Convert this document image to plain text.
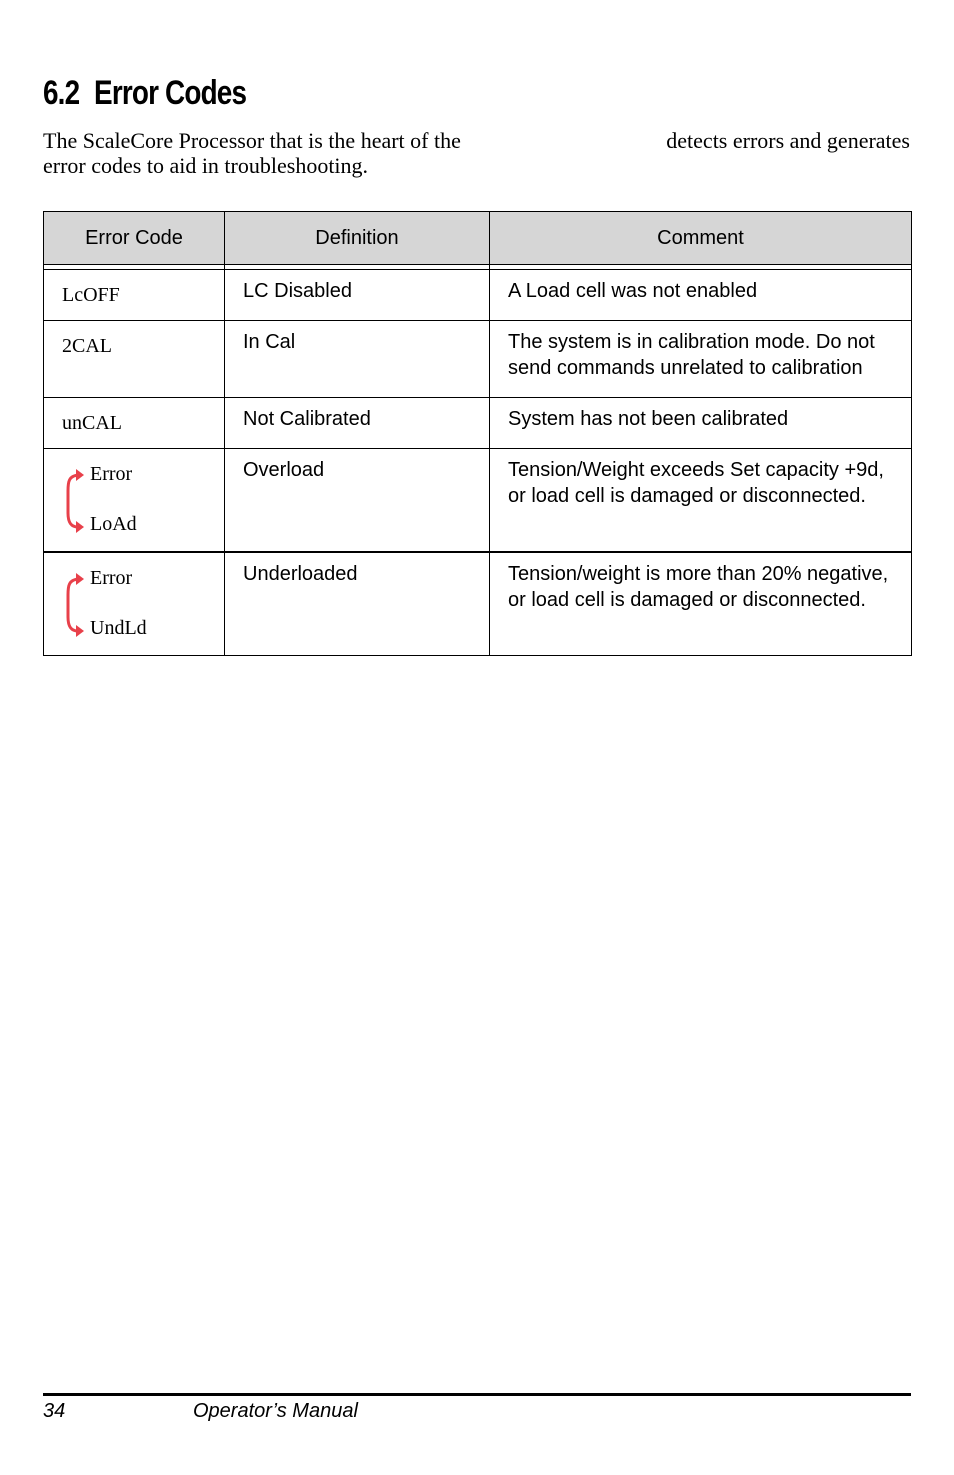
6.2 Error Codes
The ScaleCore Processor that is the heart of the	detects errors and generates
error codes to aid in troubleshooting.
Error Code	Definition	Comment

LcOFF	LC Disabled	A Load cell was not enabled
2CAL	In Cal	The system is in calibration mode. Do not send commands unrelated to calibration
unCAL	Not Calibrated	System has not been calibrated

Error
LoAd	Overload	Tension/Weight exceeds Set capacity +9d, or load cell is damaged or disconnected.

Error
UndLd	Underloaded	Tension/weight is more than 20% negative, or load cell is damaged or disconnected.
34	Operator’s Manual
